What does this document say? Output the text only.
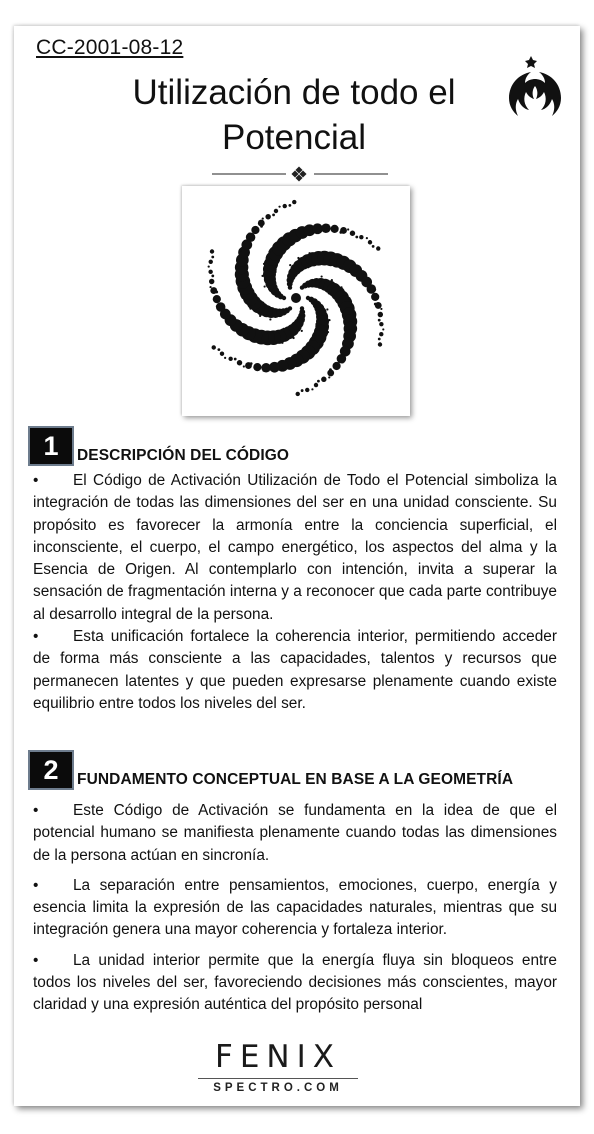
CC-2001-08-12
Utilización de todo el
Potencial
1	DESCRIPCIÓN DEL CÓDIGO

• El Código de Activación Utilización de Todo el Potencial simboliza la integración de todas las dimensiones del ser en una unidad consciente. Su propósito es favorecer la armonía entre la conciencia superficial, el inconsciente, el cuerpo, el campo energético, los aspectos del alma y la Esencia de Origen. Al contemplarlo con intención, invita a superar la sensación de fragmentación interna y a reconocer que cada parte contribuye al desarrollo integral de la persona.

• Esta unificación fortalece la coherencia interior, permitiendo acceder de forma más consciente a las capacidades, talentos y recursos que permanecen latentes y que pueden expresarse plenamente cuando existe equilibrio entre todos los niveles del ser.

2	FUNDAMENTO CONCEPTUAL EN BASE A LA GEOMETRÍA

• Este Código de Activación se fundamenta en la idea de que el potencial humano se manifiesta plenamente cuando todas las dimensiones de la persona actúan en sincronía.

• La separación entre pensamientos, emociones, cuerpo, energía y esencia limita la expresión de las capacidades naturales, mientras que su integración genera una mayor coherencia y fortaleza interior.

• La unidad interior permite que la energía fluya sin bloqueos entre todos los niveles del ser, favoreciendo decisiones más conscientes, mayor claridad y una expresión auténtica del propósito personal

FENIX
SPECTRO.COM
